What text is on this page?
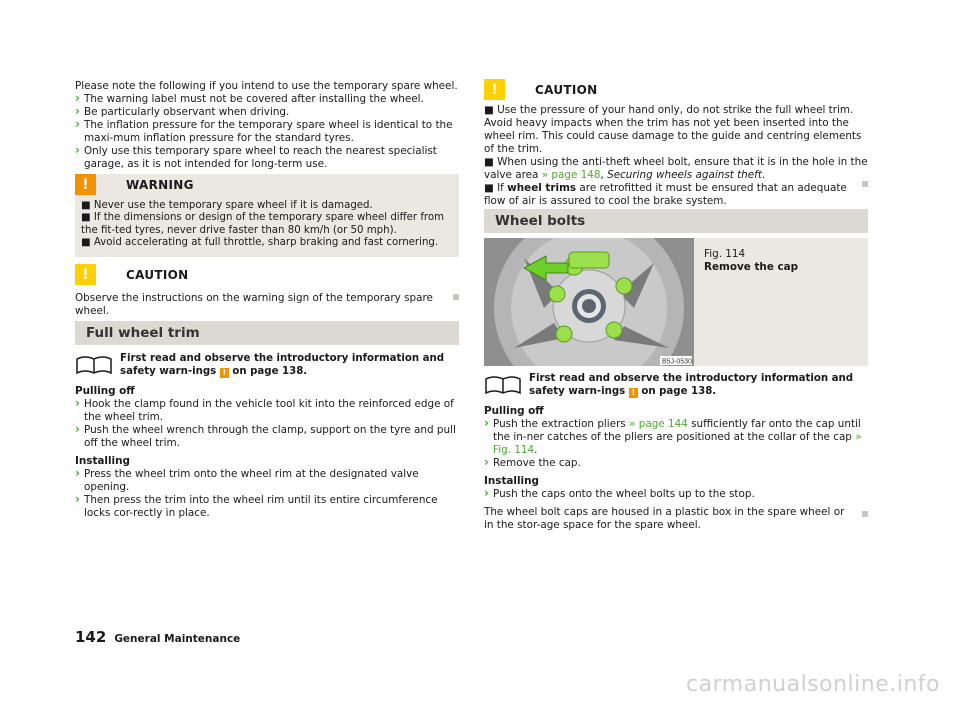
Please note the following if you intend to use the temporary spare wheel.

› The warning label must not be covered after installing the wheel.
› Be particularly observant when driving.
› The inflation pressure for the temporary spare wheel is identical to the maxi-mum inflation pressure for the standard tyres.
› Only use this temporary spare wheel to reach the nearest specialist garage, as it is not intended for long-term use.
!	WARNING

■ Never use the temporary spare wheel if it is damaged.

■ If the dimensions or design of the temporary spare wheel differ from the fit-ted tyres, never drive faster than 80 km/h (or 50 mph).

■ Avoid accelerating at full throttle, sharp braking and fast cornering.

!	CAUTION

Observe the instructions on the warning sign of the temporary spare wheel.

Full wheel trim

First read and observe the introductory information and safety warn-ings ! on page 138.

Pulling off

› Hook the clamp found in the vehicle tool kit into the reinforced edge of the wheel trim.
› Push the wheel wrench through the clamp, support on the tyre and pull off the wheel trim.

Installing

› Press the wheel trim onto the wheel rim at the designated valve opening.
› Then press the trim into the wheel rim until its entire circumference locks cor-rectly in place.
!	CAUTION

■ Use the pressure of your hand only, do not strike the full wheel trim. Avoid heavy impacts when the trim has not yet been inserted into the wheel rim. This could cause damage to the guide and centring elements of the trim.

■ When using the anti-theft wheel bolt, ensure that it is in the hole in the valve area » page 148, Securing wheels against theft.

■ If wheel trims are retrofitted it must be ensured that an adequate flow of air is assured to cool the brake system.

Wheel bolts
B5J-0530

Fig. 114

Remove the cap

First read and observe the introductory information and safety warn-ings ! on page 138.

Pulling off

› Push the extraction pliers » page 144 sufficiently far onto the cap until the in-ner catches of the pliers are positioned at the collar of the cap » Fig. 114.
› Remove the cap.

Installing

› Push the caps onto the wheel bolts up to the stop.

The wheel bolt caps are housed in a plastic box in the spare wheel or in the stor-age space for the spare wheel.

142 General Maintenance
carmanualsonline.info
